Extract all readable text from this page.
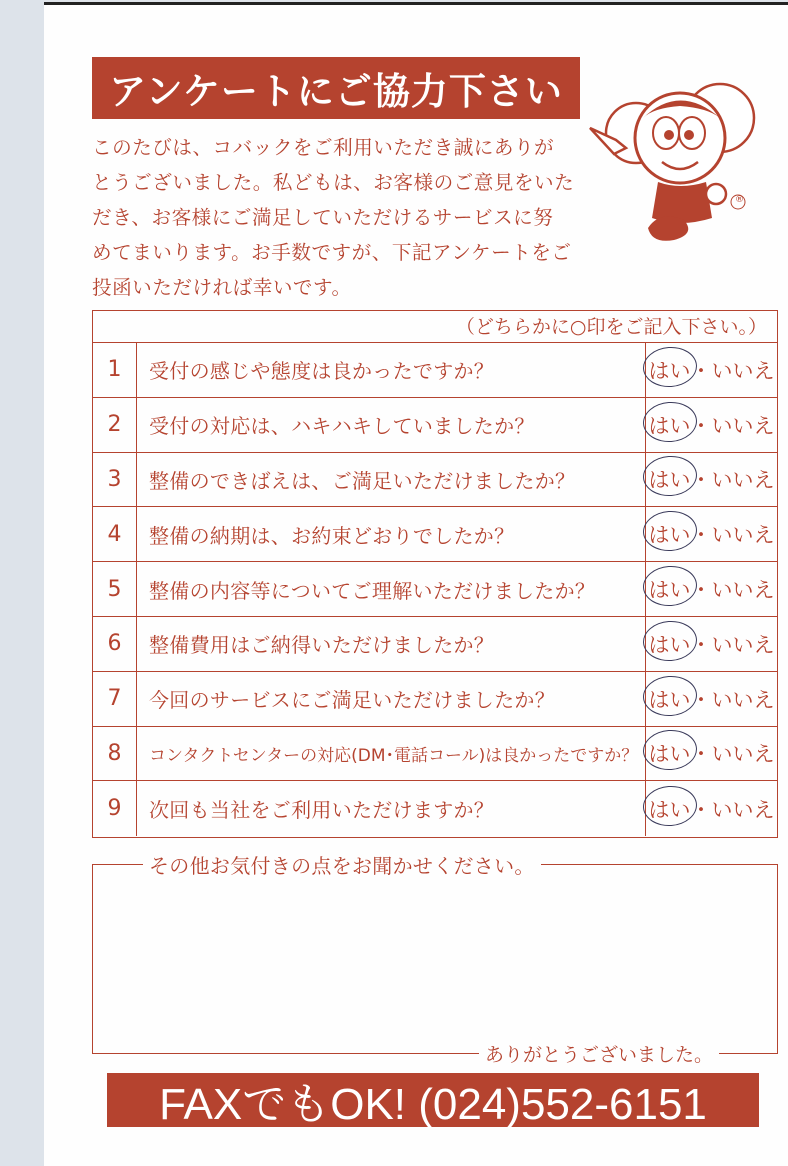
アンケートにご協力下さい

このたびは、コバックをご利用いただき誠にありが
とうございました。私どもは、お客様のご意見をいた
だき、お客様にご満足していただけるサービスに努
めてまいります。お手数ですが、下記アンケートをご
投函いただければ幸いです。

®
（どちらかに○印をご記入下さい。）
1	受付の感じや態度は良かったですか？	はい ・ いいえ
2	受付の対応は、ハキハキしていましたか？	はい ・ いいえ
3	整備のできばえは、ご満足いただけましたか？	はい ・ いいえ
4	整備の納期は、お約束どおりでしたか？	はい ・ いいえ
5	整備の内容等についてご理解いただけましたか？	はい ・ いいえ
6	整備費用はご納得いただけましたか？	はい ・ いいえ
7	今回のサービスにご満足いただけましたか？	はい ・ いいえ
8	コンタクトセンターの対応(DM･電話コール)は良かったですか？ はい ・ いいえ
9	次回も当社をご利用いただけますか？	はい ・ いいえ
その他お気付きの点をお聞かせください。
ありがとうございました。
FAXでもOK! (024)552-6151
